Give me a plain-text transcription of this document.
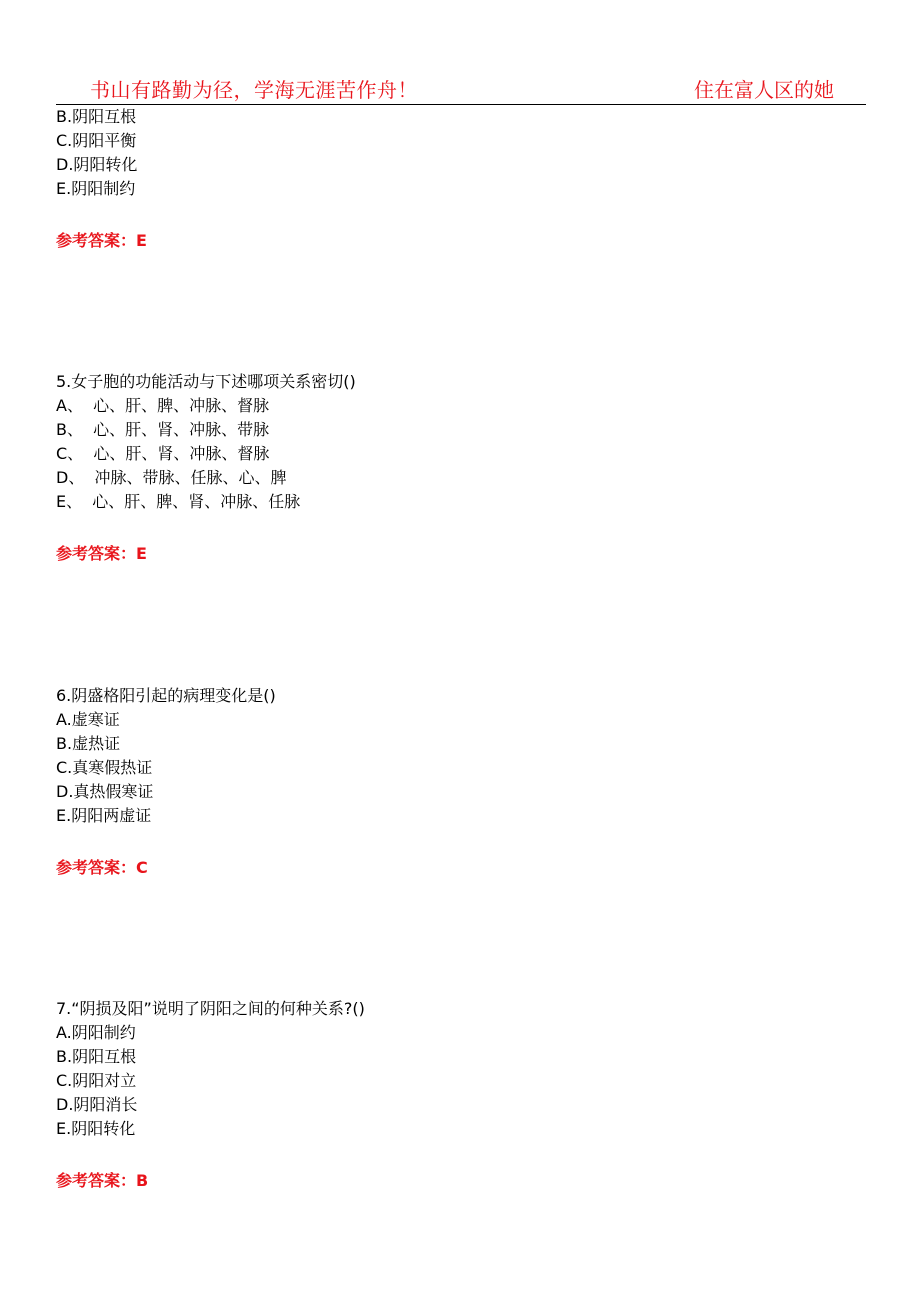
书山有路勤为径，学海无涯苦作舟！	住在富人区的她
B.阴阳互根
C.阴阳平衡
D.阴阳转化
E.阴阳制约
参考答案：E
5.女子胞的功能活动与下述哪项关系密切()
A、  心、肝、脾、冲脉、督脉
B、  心、肝、肾、冲脉、带脉
C、  心、肝、肾、冲脉、督脉
D、  冲脉、带脉、任脉、心、脾
E、  心、肝、脾、肾、冲脉、任脉
参考答案：E
6.阴盛格阳引起的病理变化是()
A.虚寒证
B.虚热证
C.真寒假热证
D.真热假寒证
E.阴阳两虚证
参考答案：C
7.“阴损及阳”说明了阴阳之间的何种关系?()
A.阴阳制约
B.阴阳互根
C.阴阳对立
D.阴阳消长
E.阴阳转化
参考答案：B
